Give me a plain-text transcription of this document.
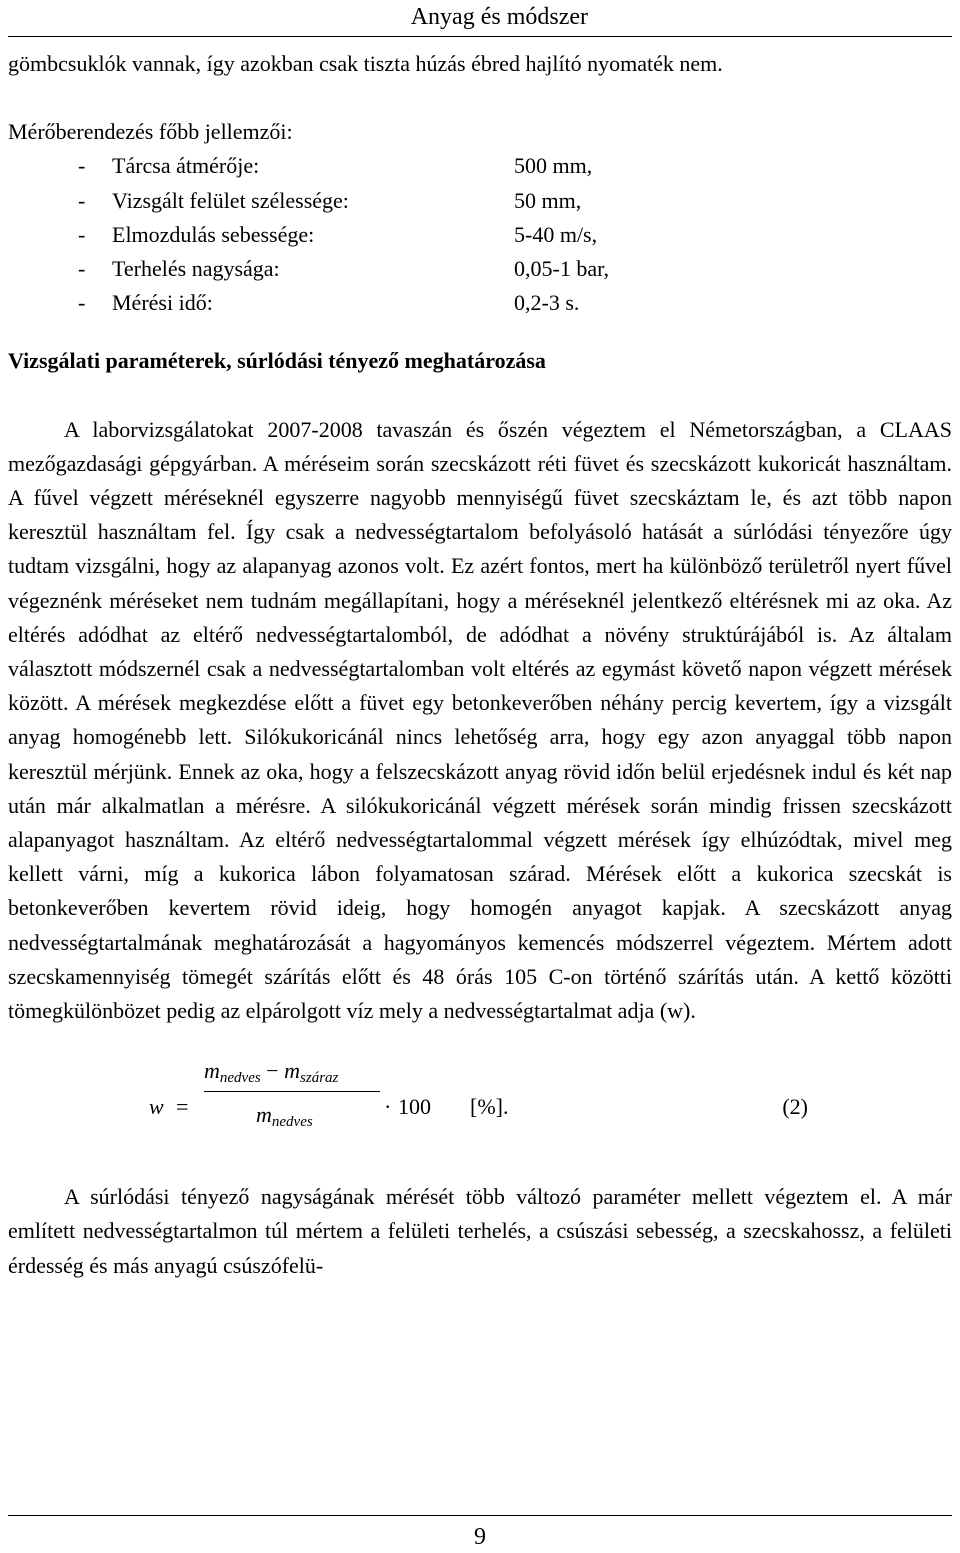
Anyag és módszer

gömbcsuklók vannak, így azokban csak tiszta húzás ébred hajlító nyomaték nem.

Mérőberendezés főbb jellemzői:

-	Tárcsa átmérője:	500 mm,
-	Vizsgált felület szélessége:	50 mm,
-	Elmozdulás sebessége:	5-40 m/s,
-	Terhelés nagysága:	0,05-1 bar,
-	Mérési idő:	0,2-3 s.

Vizsgálati paraméterek, súrlódási tényező meghatározása

A laborvizsgálatokat 2007-2008 tavaszán és őszén végeztem el Németországban, a CLAAS mezőgazdasági gépgyárban. A méréseim során szecskázott réti füvet és szecskázott kukoricát használtam. A fűvel végzett méréseknél egyszerre nagyobb mennyiségű füvet szecskáztam le, és azt több napon keresztül használtam fel. Így csak a nedvességtartalom befolyásoló hatását a súrlódási tényezőre úgy tudtam vizsgálni, hogy az alapanyag azonos volt. Ez azért fontos, mert ha különböző területről nyert fűvel végeznénk méréseket nem tudnám megállapítani, hogy a méréseknél jelentkező eltérésnek mi az oka. Az eltérés adódhat az eltérő nedvességtartalomból, de adódhat a növény struktúrájából is. Az általam választott módszernél csak a nedvességtartalomban volt eltérés az egymást követő napon végzett mérések között. A mérések megkezdése előtt a füvet egy betonkeverőben néhány percig kevertem, így a vizsgált anyag homogénebb lett. Silókukoricánál nincs lehetőség arra, hogy egy azon anyaggal több napon keresztül mérjünk. Ennek az oka, hogy a felszecskázott anyag rövid időn belül erjedésnek indul és két nap után már alkalmatlan a mérésre. A silókukoricánál végzett mérések során mindig frissen szecskázott alapanyagot használtam. Az eltérő nedvességtartalommal végzett mérések így elhúzódtak, mivel meg kellett várni, míg a kukorica lábon folyamatosan szárad. Mérések előtt a kukorica szecskát is betonkeverőben kevertem rövid ideig, hogy homogén anyagot kapjak. A szecskázott anyag nedvességtartalmának meghatározását a hagyományos kemencés módszerrel végeztem. Mértem adott szecskamennyiség tömegét szárítás előtt és 48 órás 105 C-on történő szárítás után. A kettő közötti tömegkülönbözet pedig az elpárolgott víz mely a nedvességtartalmat adja (w).

w =
mnedves − mszáraz
mnedves
· 100 [%].	(2)

A súrlódási tényező nagyságának mérését több változó paraméter mellett végeztem el. A már említett nedvességtartalmon túl mértem a felületi terhelés, a csúszási sebesség, a szecskahossz, a felületi érdesség és más anyagú csúszófelü-

9
